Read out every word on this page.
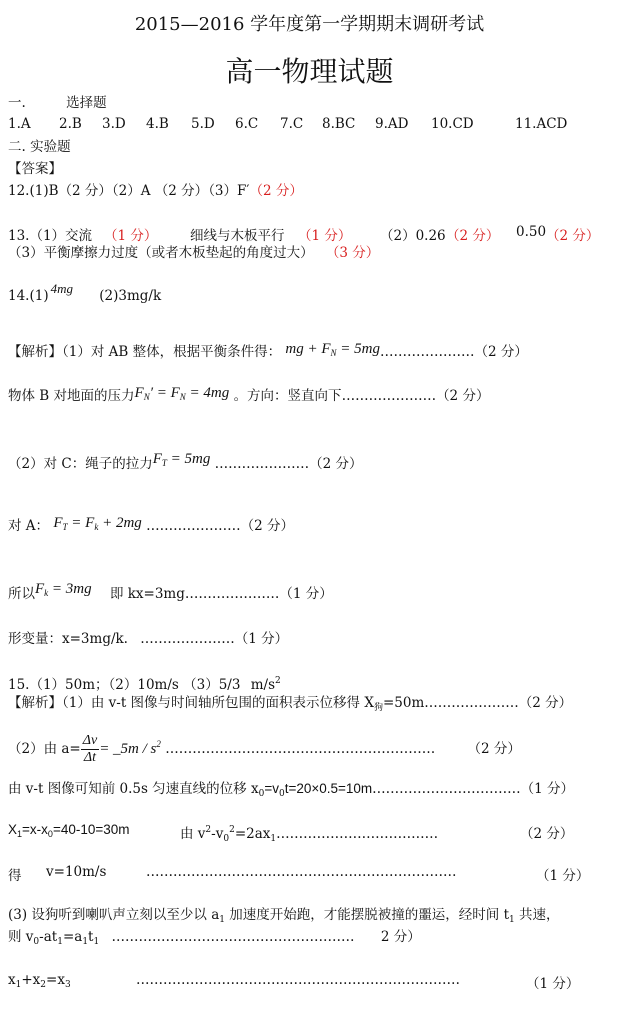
2015—2016 学年度第一学期期末调研考试
高一物理试题
一.	选择题
1.A 2.B 3.D 4.B 5.D 6.C 7.C 8.BC 9.AD 10.CD	11.ACD
二. 实验题
【答案】
12.(1)B（2 分）（2）A （2 分）（3）F′（2 分）
13.（1）交流 （1 分） 细线与木板平行 （1 分） （2）0.26 （2 分） 0.50 （2 分）
（3）平衡摩擦力过度（或者木板垫起的角度过大） （3 分）
14.(1) 4mg (2)3mg/k
【解析】（1）对 AB 整体，根据平衡条件得： mg + $F_N$ = 5mg…………………（2 分）
物体 B 对地面的压力$F_N' = F_N = 4mg$ 。方向：竖直向下…………………（2 分）
（2）对 C：绳子的拉力$F_T = 5mg$ …………………（2 分）
对 A： $F_T = F_k + 2mg$ …………………（2 分）
所以$F_k = 3mg$ 即 kx=3mg…………………（1 分）
形变量：x=3mg/k. …………………（1 分）
15.（1）50m；（2）10m/s （3）5/3 $m/s^2$
【解析】（1）由 v-t 图像与时间轴所包围的面积表示位移得 $X_狗=50m\dots\dots\dots\dots\dots\dots\dots(2$ 分）
（2）由 $a= \frac{\Delta v}{\Delta t}$ = _5m / $s^2$ …………………………………………………… （2 分）
由 v-t 图像可知前 0.5s 匀速直线的位移 $x_0=v_0t=20\times 0.5=10m\dots\dots\dots\dots\dots\dots\dots\dots\dots\dots\dots(1$ 分）
$X_1=x-x_0=40-10=30m$	由 $v^2-v_0^2=2ax_1\dots\dots\dots\dots\dots\dots\dots\dots\dots\dots\dots\dots$	（2 分）
得 v=10m/s	……………………………………………………………	（1 分）
(3) 设狗听到喇叭声立刻以至少以 $a_1$ 加速度开始跑，才能摆脱被撞的噩运，经时间 $t_1$ 共速，
则 $v_0-at_1=a_1t_1$ ……………………………………………… 2 分）
$x_1+x_2=x_3$	………………………………………………………………	（1 分）
